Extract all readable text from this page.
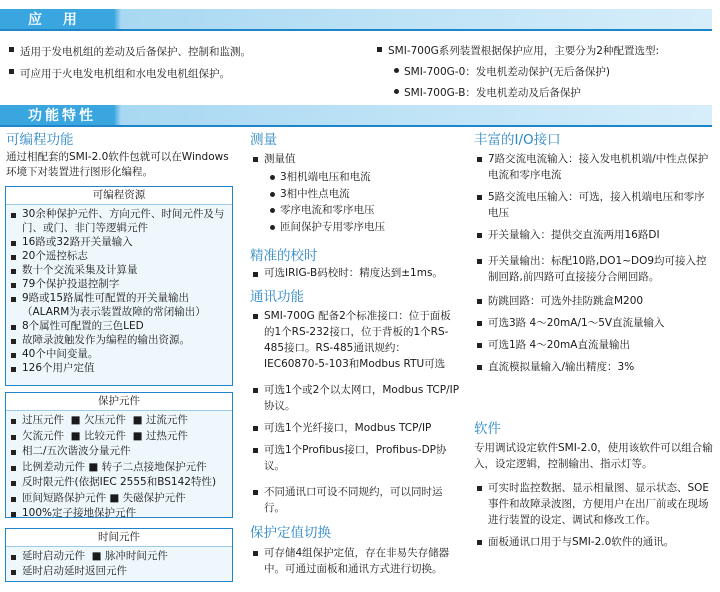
应 用
适用于发电机组的差动及后备保护、控制和监测。
可应用于火电发电机组和水电发电机组保护。
SMI-700G系列装置根据保护应用，主要分为2种配置选型:
SMI-700G-0：发电机差动保护(无后备保护)
SMI-700G-B：发电机差动及后备保护
功能特性
可编程功能
通过相配套的SMI-2.0软件包就可以在Windows环境下对装置进行图形化编程。
可编程资源
30余种保护元件、方向元件、时间元件及与门、或门、非门等逻辑元件
16路或32路开关量输入
20个遥控标志
数十个交流采集及计算量
79个保护投退控制字
9路或15路属性可配置的开关量输出（ALARM为表示装置故障的常闭输出）
8个属性可配置的三色LED
故障录波触发作为编程的输出资源。
40个中间变量。
126个用户定值
保护元件
过压元件  ■ 欠压元件  ■ 过流元件
欠流元件  ■ 比较元件  ■ 过热元件
相二/五次谐波分量元件
比例差动元件 ■ 转子二点接地保护元件
反时限元件(依据IEC 2555和BS142特性)
匝间短路保护元件 ■ 失磁保护元件
100%定子接地保护元件
时间元件
延时启动元件  ■ 脉冲时间元件
延时启动延时返回元件
测量
测量值
3相机端电压和电流
3相中性点电流
零序电流和零序电压
匝间保护专用零序电压
精准的校时
可选IRIG-B码校时：精度达到±1ms。
通讯功能
SMI-700G 配备2个标准接口：位于面板的1个RS-232接口，位于背板的1个RS-485接口。RS-485通讯规约：IEC60870-5-103和Modbus RTU可选
可选1个或2个以太网口，Modbus TCP/IP协议。
可选1个光纤接口，Modbus TCP/IP
可选1个Profibus接口，Profibus-DP协议。
不同通讯口可设不同规约，可以同时运行。
保护定值切换
可存储4组保护定值，存在非易失存储器中。可通过面板和通讯方式进行切换。
丰富的I/O接口
7路交流电流输入：接入发电机机端/中性点保护电流和零序电流
5路交流电压输入：可选，接入机端电压和零序电压
开关量输入：提供交直流两用16路DI
开关量输出：标配10路,DO1~DO9均可接入控制回路,前四路可直接接分合闸回路。
防跳回路：可选外挂防跳盒M200
可选3路 4～20mA/1～5V直流量输入
可选1路 4～20mA直流量输出
直流模拟量输入/输出精度：3%
软件
专用调试设定软件SMI-2.0，使用该软件可以组合输入，设定逻辑，控制输出、指示灯等。
可实时监控数据、显示相量图、显示状态、SOE事件和故障录波图，方便用户在出厂前或在现场进行装置的设定、调试和修改工作。
面板通讯口用于与SMI-2.0软件的通讯。
